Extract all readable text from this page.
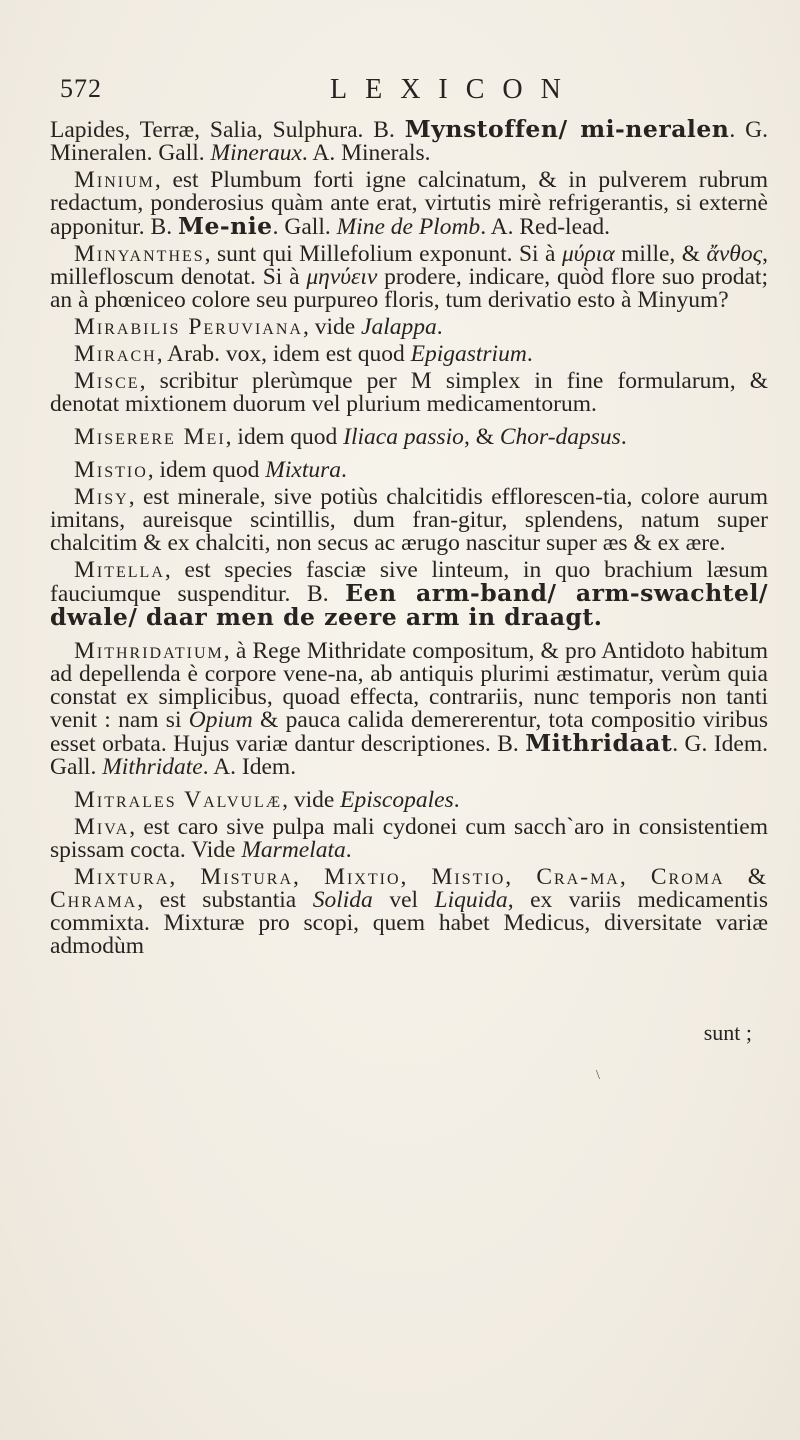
572	LEXICON

Lapides, Terræ, Salia, Sulphura. B. Mynstoffen/ mi-neralen. G. Mineralen. Gall. Mineraux. A. Minerals.

Minium, est Plumbum forti igne calcinatum, & in pulverem rubrum redactum, ponderosius quàm ante erat, virtutis mirè refrigerantis, si externè apponitur. B. Me-nie. Gall. Mine de Plomb. A. Red-lead.

Minyanthes, sunt qui Millefolium exponunt. Si à μύρια mille, & ἄνθος, millefloscum denotat. Si à μηνύειν prodere, indicare, quòd flore suo prodat; an à phœniceo colore seu purpureo floris, tum derivatio esto à Minyum?

Mirabilis Peruviana, vide Jalappa.

Mirach, Arab. vox, idem est quod Epigastrium.

Misce, scribitur plerùmque per M simplex in fine formularum, & denotat mixtionem duorum vel plurium medicamentorum.

Miserere Mei, idem quod Iliaca passio, & Chor-dapsus.

Mistio, idem quod Mixtura.

Misy, est minerale, sive potiùs chalcitidis efflorescen-tia, colore aurum imitans, aureisque scintillis, dum fran-gitur, splendens, natum super chalcitim & ex chalciti, non secus ac ærugo nascitur super æs & ex ære.

Mitella, est species fasciæ sive linteum, in quo brachium læsum fauciumque suspenditur. B. Een arm-band/ arm-swachtel/ dwale/ daar men de zeere arm in draagt.

Mithridatium, à Rege Mithridate compositum, & pro Antidoto habitum ad depellenda è corpore vene-na, ab antiquis plurimi æstimatur, verùm quia constat ex simplicibus, quoad effecta, contrariis, nunc temporis non tanti venit : nam si Opium & pauca calida demererentur, tota compositio viribus esset orbata. Hujus variæ dantur descriptiones. B. Mithridaat. G. Idem. Gall. Mithridate. A. Idem.

Mitrales Valvulæ, vide Episcopales.

Miva, est caro sive pulpa mali cydonei cum sacch`aro in consistentiem spissam cocta. Vide Marmelata.

Mixtura, Mistura, Mixtio, Mistio, Cra-ma, Croma & Chrama, est substantia Solida vel Liquida, ex variis medicamentis commixta. Mixturæ pro scopi, quem habet Medicus, diversitate variæ admodùm

sunt ;
\
